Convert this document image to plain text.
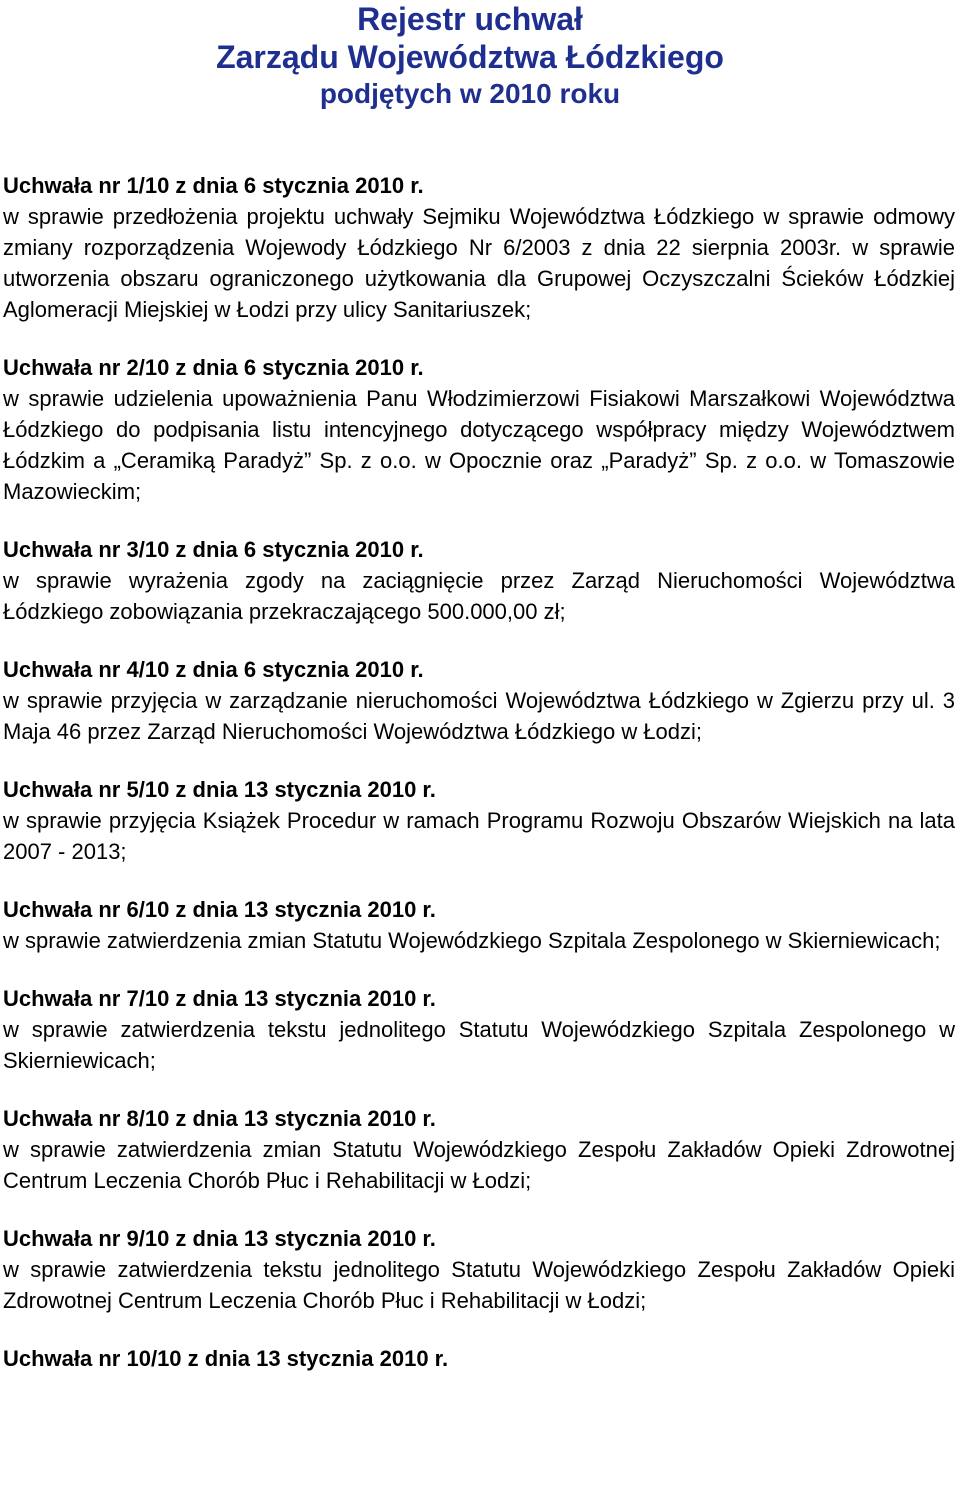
Rejestr uchwał
Zarządu Województwa Łódzkiego
podjętych w 2010 roku

Uchwała nr 1/10 z dnia 6 stycznia 2010 r.

w sprawie przedłożenia projektu uchwały Sejmiku Województwa Łódzkiego w sprawie odmowy zmiany rozporządzenia Wojewody Łódzkiego Nr 6/2003 z dnia 22 sierpnia 2003r. w sprawie utworzenia obszaru ograniczonego użytkowania dla Grupowej Oczyszczalni Ścieków Łódzkiej Aglomeracji Miejskiej w Łodzi przy ulicy Sanitariuszek;

Uchwała nr 2/10 z dnia 6 stycznia 2010 r.

w sprawie udzielenia upoważnienia Panu Włodzimierzowi Fisiakowi Marszałkowi Województwa Łódzkiego do podpisania listu intencyjnego dotyczącego współpracy między Województwem Łódzkim a „Ceramiką Paradyż” Sp. z o.o. w Opocznie oraz „Paradyż” Sp. z o.o. w Tomaszowie Mazowieckim;

Uchwała nr 3/10 z dnia 6 stycznia 2010 r.

w sprawie wyrażenia zgody na zaciągnięcie przez Zarząd Nieruchomości Województwa Łódzkiego zobowiązania przekraczającego 500.000,00 zł;

Uchwała nr 4/10 z dnia 6 stycznia 2010 r.

w sprawie przyjęcia w zarządzanie nieruchomości Województwa Łódzkiego w Zgierzu przy ul. 3 Maja 46 przez Zarząd Nieruchomości Województwa Łódzkiego w Łodzi;

Uchwała nr 5/10 z dnia 13 stycznia 2010 r.

w sprawie przyjęcia Książek Procedur w ramach Programu Rozwoju Obszarów Wiejskich na lata 2007 - 2013;

Uchwała nr 6/10 z dnia 13 stycznia 2010 r.

w sprawie zatwierdzenia zmian Statutu Wojewódzkiego Szpitala Zespolonego w Skierniewicach;

Uchwała nr 7/10 z dnia 13 stycznia 2010 r.

w sprawie zatwierdzenia tekstu jednolitego Statutu Wojewódzkiego Szpitala Zespolonego w Skierniewicach;

Uchwała nr 8/10 z dnia 13 stycznia 2010 r.

w sprawie zatwierdzenia zmian Statutu Wojewódzkiego Zespołu Zakładów Opieki Zdrowotnej Centrum Leczenia Chorób Płuc i Rehabilitacji w Łodzi;

Uchwała nr 9/10 z dnia 13 stycznia 2010 r.

w sprawie zatwierdzenia tekstu jednolitego Statutu Wojewódzkiego Zespołu Zakładów Opieki Zdrowotnej Centrum Leczenia Chorób Płuc i Rehabilitacji w Łodzi;

Uchwała nr 10/10 z dnia 13 stycznia 2010 r.
